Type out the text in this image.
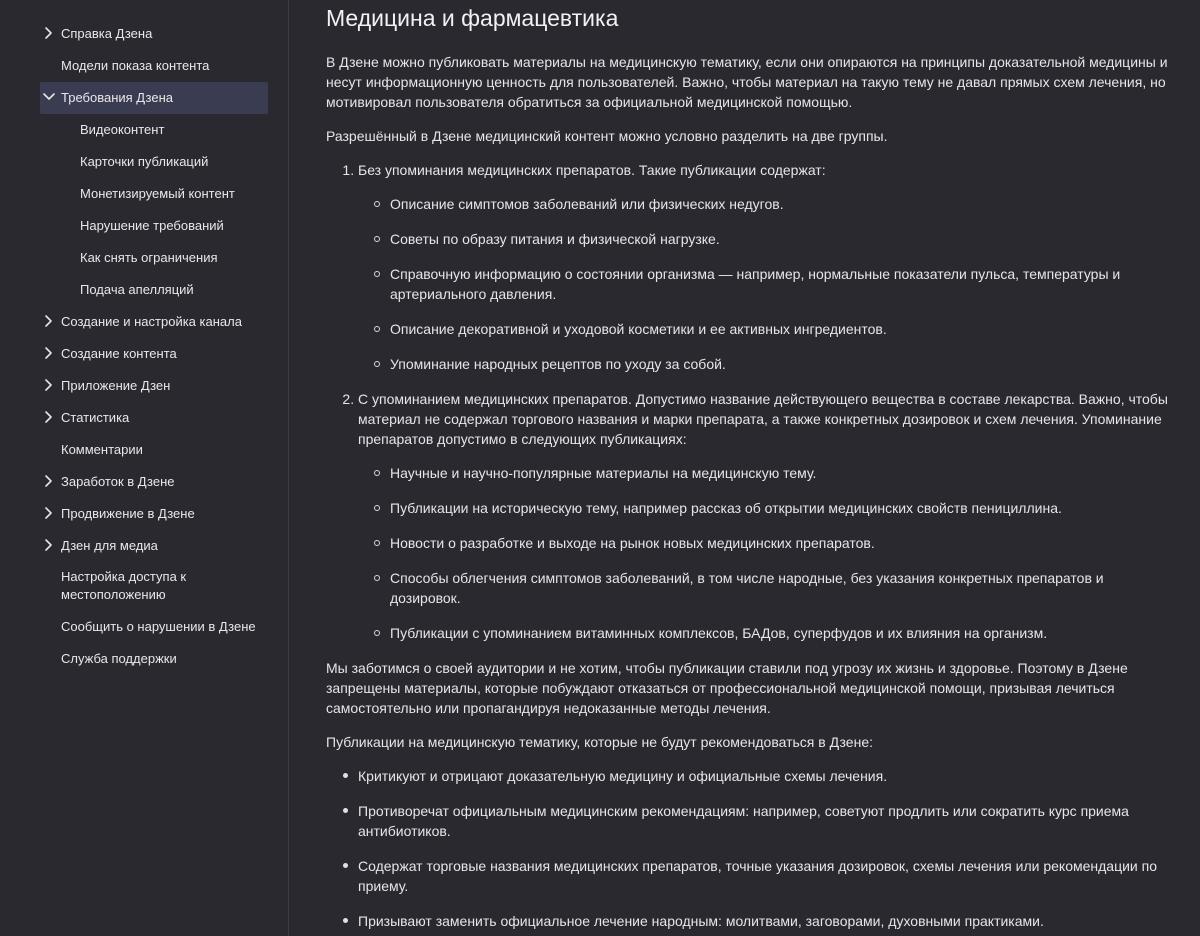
Справка Дзена
Модели показа контента
Требования Дзена
Видеоконтент
Карточки публикаций
Монетизируемый контент
Нарушение требований
Как снять ограничения
Подача апелляций
Создание и настройка канала
Создание контента
Приложение Дзен
Статистика
Комментарии
Заработок в Дзене
Продвижение в Дзене
Дзен для медиа
Настройка доступа к местоположению
Сообщить о нарушении в Дзене
Служба поддержки
Медицина и фармацевтика

В Дзене можно публиковать материалы на медицинскую тематику, если они опираются на принципы доказательной медицины и несут информационную ценность для пользователей. Важно, чтобы материал на такую тему не давал прямых схем лечения, но мотивировал пользователя обратиться за официальной медицинской помощью.

Разрешённый в Дзене медицинский контент можно условно разделить на две группы.

1. Без упоминания медицинских препаратов. Такие публикации содержат:
Описание симптомов заболеваний или физических недугов.
Советы по образу питания и физической нагрузке.
Справочную информацию о состоянии организма — например, нормальные показатели пульса, температуры и артериального давления.
Описание декоративной и уходовой косметики и ее активных ингредиентов.
Упоминание народных рецептов по уходу за собой.
2. С упоминанием медицинских препаратов. Допустимо название действующего вещества в составе лекарства. Важно, чтобы материал не содержал торгового названия и марки препарата, а также конкретных дозировок и схем лечения. Упоминание препаратов допустимо в следующих публикациях:
Научные и научно-популярные материалы на медицинскую тему.
Публикации на историческую тему, например рассказ об открытии медицинских свойств пенициллина.
Новости о разработке и выходе на рынок новых медицинских препаратов.
Способы облегчения симптомов заболеваний, в том числе народные, без указания конкретных препаратов и дозировок.
Публикации с упоминанием витаминных комплексов, БАДов, суперфудов и их влияния на организм.

Мы заботимся о своей аудитории и не хотим, чтобы публикации ставили под угрозу их жизнь и здоровье. Поэтому в Дзене запрещены материалы, которые побуждают отказаться от профессиональной медицинской помощи, призывая лечиться самостоятельно или пропагандируя недоказанные методы лечения.

Публикации на медицинскую тематику, которые не будут рекомендоваться в Дзене:

Критикуют и отрицают доказательную медицину и официальные схемы лечения.
Противоречат официальным медицинским рекомендациям: например, советуют продлить или сократить курс приема антибиотиков.
Содержат торговые названия медицинских препаратов, точные указания дозировок, схемы лечения или рекомендации по приему.
Призывают заменить официальное лечение народным: молитвами, заговорами, духовными практиками.
